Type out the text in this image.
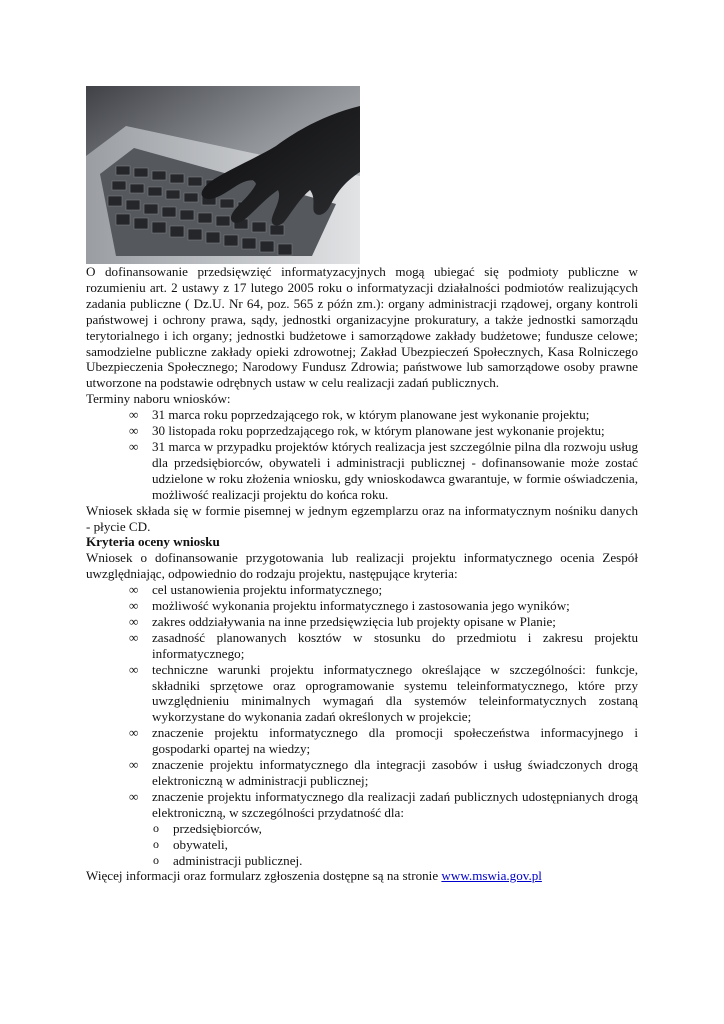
O dofinansowanie przedsięwzięć informatyzacyjnych mogą ubiegać się podmioty publiczne w rozumieniu art. 2 ustawy z 17 lutego 2005 roku o informatyzacji działalności podmiotów realizujących zadania publiczne ( Dz.U. Nr 64, poz. 565 z późn zm.): organy administracji rządowej, organy kontroli państwowej i ochrony prawa, sądy, jednostki organizacyjne prokuratury, a także jednostki samorządu terytorialnego i ich organy; jednostki budżetowe i samorządowe zakłady budżetowe; fundusze celowe; samodzielne publiczne zakłady opieki zdrowotnej; Zakład Ubezpieczeń Społecznych, Kasa Rolniczego Ubezpieczenia Społecznego; Narodowy Fundusz Zdrowia; państwowe lub samorządowe osoby prawne utworzone na podstawie odrębnych ustaw w celu realizacji zadań publicznych.

Terminy naboru wniosków:

∞	31 marca roku poprzedzającego rok, w którym planowane jest wykonanie projektu;
∞	30 listopada roku poprzedzającego rok, w którym planowane jest wykonanie projektu;
∞	31 marca w przypadku projektów których realizacja jest szczególnie pilna dla rozwoju usług dla przedsiębiorców, obywateli i administracji publicznej - dofinansowanie może zostać udzielone w roku złożenia wniosku, gdy wnioskodawca gwarantuje, w formie oświadczenia, możliwość realizacji projektu do końca roku.

Wniosek składa się w formie pisemnej w jednym egzemplarzu oraz na informatycznym nośniku danych - płycie CD.

Kryteria oceny wniosku

Wniosek o dofinansowanie przygotowania lub realizacji projektu informatycznego ocenia Zespół uwzględniając, odpowiednio do rodzaju projektu, następujące kryteria:

∞	cel ustanowienia projektu informatycznego;
∞	możliwość wykonania projektu informatycznego i zastosowania jego wyników;
∞	zakres oddziaływania na inne przedsięwzięcia lub projekty opisane w Planie;
∞	zasadność planowanych kosztów w stosunku do przedmiotu i zakresu projektu informatycznego;
∞	techniczne warunki projektu informatycznego określające w szczególności: funkcje, składniki sprzętowe oraz oprogramowanie systemu teleinformatycznego, które przy uwzględnieniu minimalnych wymagań dla systemów teleinformatycznych zostaną wykorzystane do wykonania zadań określonych w projekcie;
∞	znaczenie projektu informatycznego dla promocji społeczeństwa informacyjnego i gospodarki opartej na wiedzy;
∞	znaczenie projektu informatycznego dla integracji zasobów i usług świadczonych drogą elektroniczną w administracji publicznej;
∞	znaczenie projektu informatycznego dla realizacji zadań publicznych udostępnianych drogą elektroniczną, w szczególności przydatność dla:
o	przedsiębiorców,
o	obywateli,
o	administracji publicznej.

Więcej informacji oraz formularz zgłoszenia dostępne są na stronie www.mswia.gov.pl
